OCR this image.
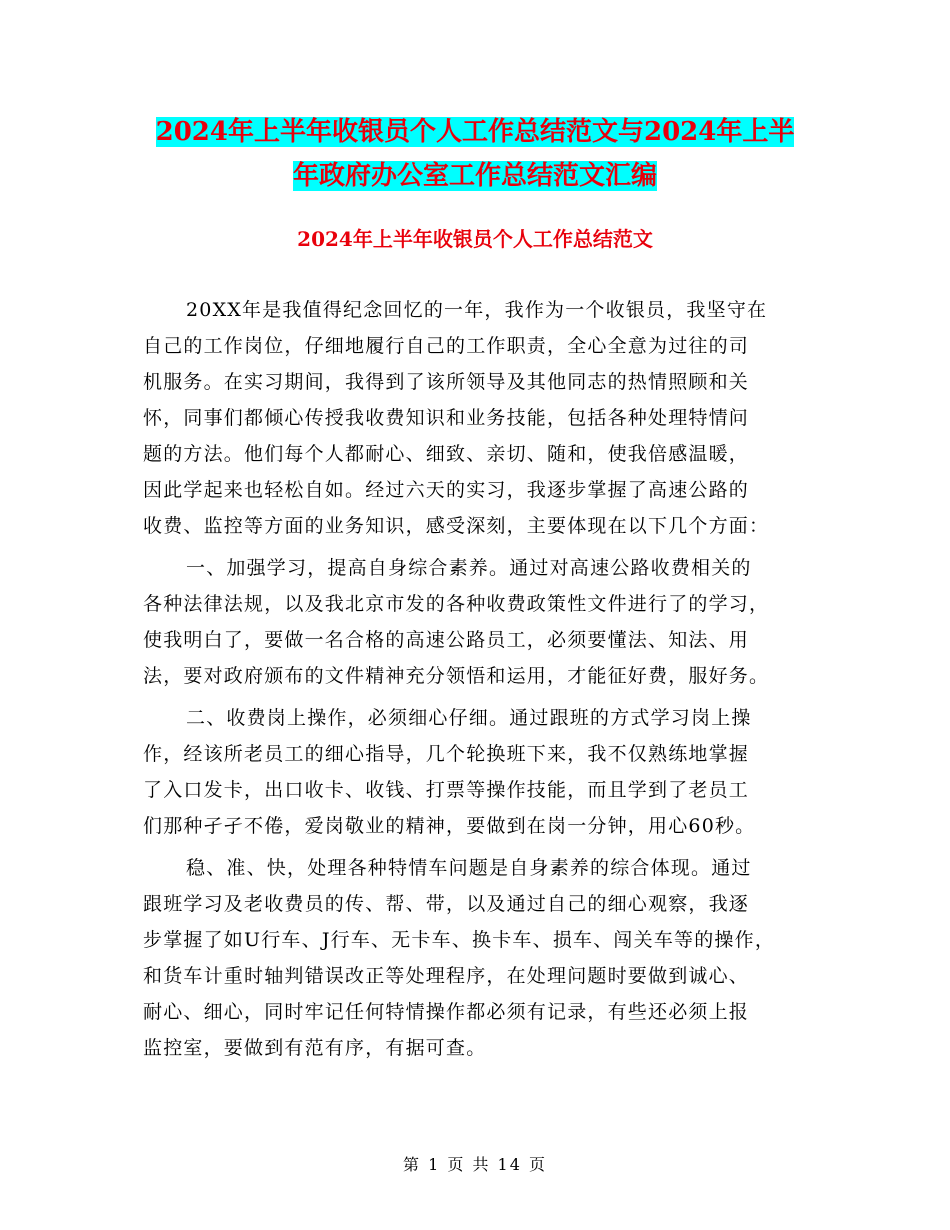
2024年上半年收银员个人工作总结范文与2024年上半
年政府办公室工作总结范文汇编
2024年上半年收银员个人工作总结范文
20XX年是我值得纪念回忆的一年，我作为一个收银员，我坚守在
自己的工作岗位，仔细地履行自己的工作职责，全心全意为过往的司
机服务。在实习期间，我得到了该所领导及其他同志的热情照顾和关
怀，同事们都倾心传授我收费知识和业务技能，包括各种处理特情问
题的方法。他们每个人都耐心、细致、亲切、随和，使我倍感温暖，
因此学起来也轻松自如。经过六天的实习，我逐步掌握了高速公路的
收费、监控等方面的业务知识，感受深刻，主要体现在以下几个方面：
一、加强学习，提高自身综合素养。通过对高速公路收费相关的
各种法律法规，以及我北京市发的各种收费政策性文件进行了的学习，
使我明白了，要做一名合格的高速公路员工，必须要懂法、知法、用
法，要对政府颁布的文件精神充分领悟和运用，才能征好费，服好务。
二、收费岗上操作，必须细心仔细。通过跟班的方式学习岗上操
作，经该所老员工的细心指导，几个轮换班下来，我不仅熟练地掌握
了入口发卡，出口收卡、收钱、打票等操作技能，而且学到了老员工
们那种孑孑不倦，爱岗敬业的精神，要做到在岗一分钟，用心60秒。
稳、准、快，处理各种特情车问题是自身素养的综合体现。通过
跟班学习及老收费员的传、帮、带，以及通过自己的细心观察，我逐
步掌握了如U行车、J行车、无卡车、换卡车、损车、闯关车等的操作，
和货车计重时轴判错误改正等处理程序，在处理问题时要做到诚心、
耐心、细心，同时牢记任何特情操作都必须有记录，有些还必须上报
监控室，要做到有范有序，有据可查。
第 1 页 共 14 页
